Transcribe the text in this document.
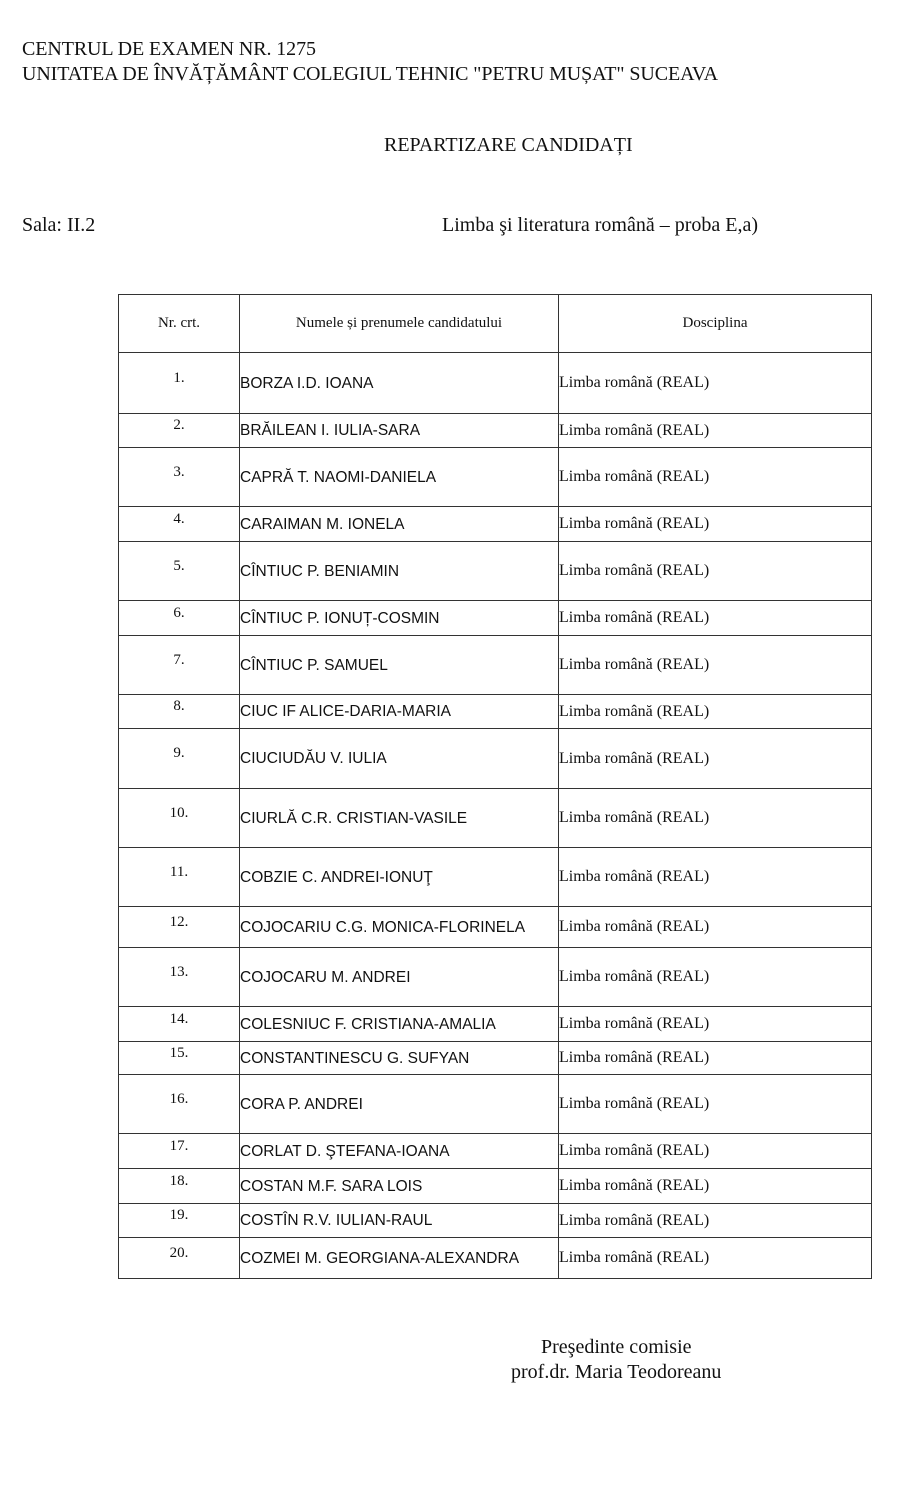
CENTRUL DE EXAMEN NR. 1275
UNITATEA DE ÎNVĂȚĂMÂNT COLEGIUL TEHNIC "PETRU MUȘAT" SUCEAVA
REPARTIZARE CANDIDAȚI
Sala: II.2	Limba şi literatura română – proba E,a)
Nr. crt.	Numele și prenumele candidatului	Dosciplina
1.	BORZA I.D. IOANA	Limba română (REAL)
2.	BRĂILEAN I. IULIA-SARA	Limba română (REAL)
3.	CAPRĂ T. NAOMI-DANIELA	Limba română (REAL)
4.	CARAIMAN M. IONELA	Limba română (REAL)
5.	CÎNTIUC P. BENIAMIN	Limba română (REAL)
6.	CÎNTIUC P. IONUȚ-COSMIN	Limba română (REAL)
7.	CÎNTIUC P. SAMUEL	Limba română (REAL)
8.	CIUC IF ALICE-DARIA-MARIA	Limba română (REAL)
9.	CIUCIUDĂU V. IULIA	Limba română (REAL)
10.	CIURLĂ C.R. CRISTIAN-VASILE	Limba română (REAL)
11.	COBZIE C. ANDREI-IONUŢ	Limba română (REAL)
12.	COJOCARIU C.G. MONICA-FLORINELA	Limba română (REAL)
13.	COJOCARU M. ANDREI	Limba română (REAL)
14.	COLESNIUC F. CRISTIANA-AMALIA	Limba română (REAL)
15.	CONSTANTINESCU G. SUFYAN	Limba română (REAL)
16.	CORA P. ANDREI	Limba română (REAL)
17.	CORLAT D. ŞTEFANA-IOANA	Limba română (REAL)
18.	COSTAN M.F. SARA LOIS	Limba română (REAL)
19.	COSTÎN R.V. IULIAN-RAUL	Limba română (REAL)
20.	COZMEI M. GEORGIANA-ALEXANDRA	Limba română (REAL)
Preşedinte comisie
prof.dr. Maria Teodoreanu
